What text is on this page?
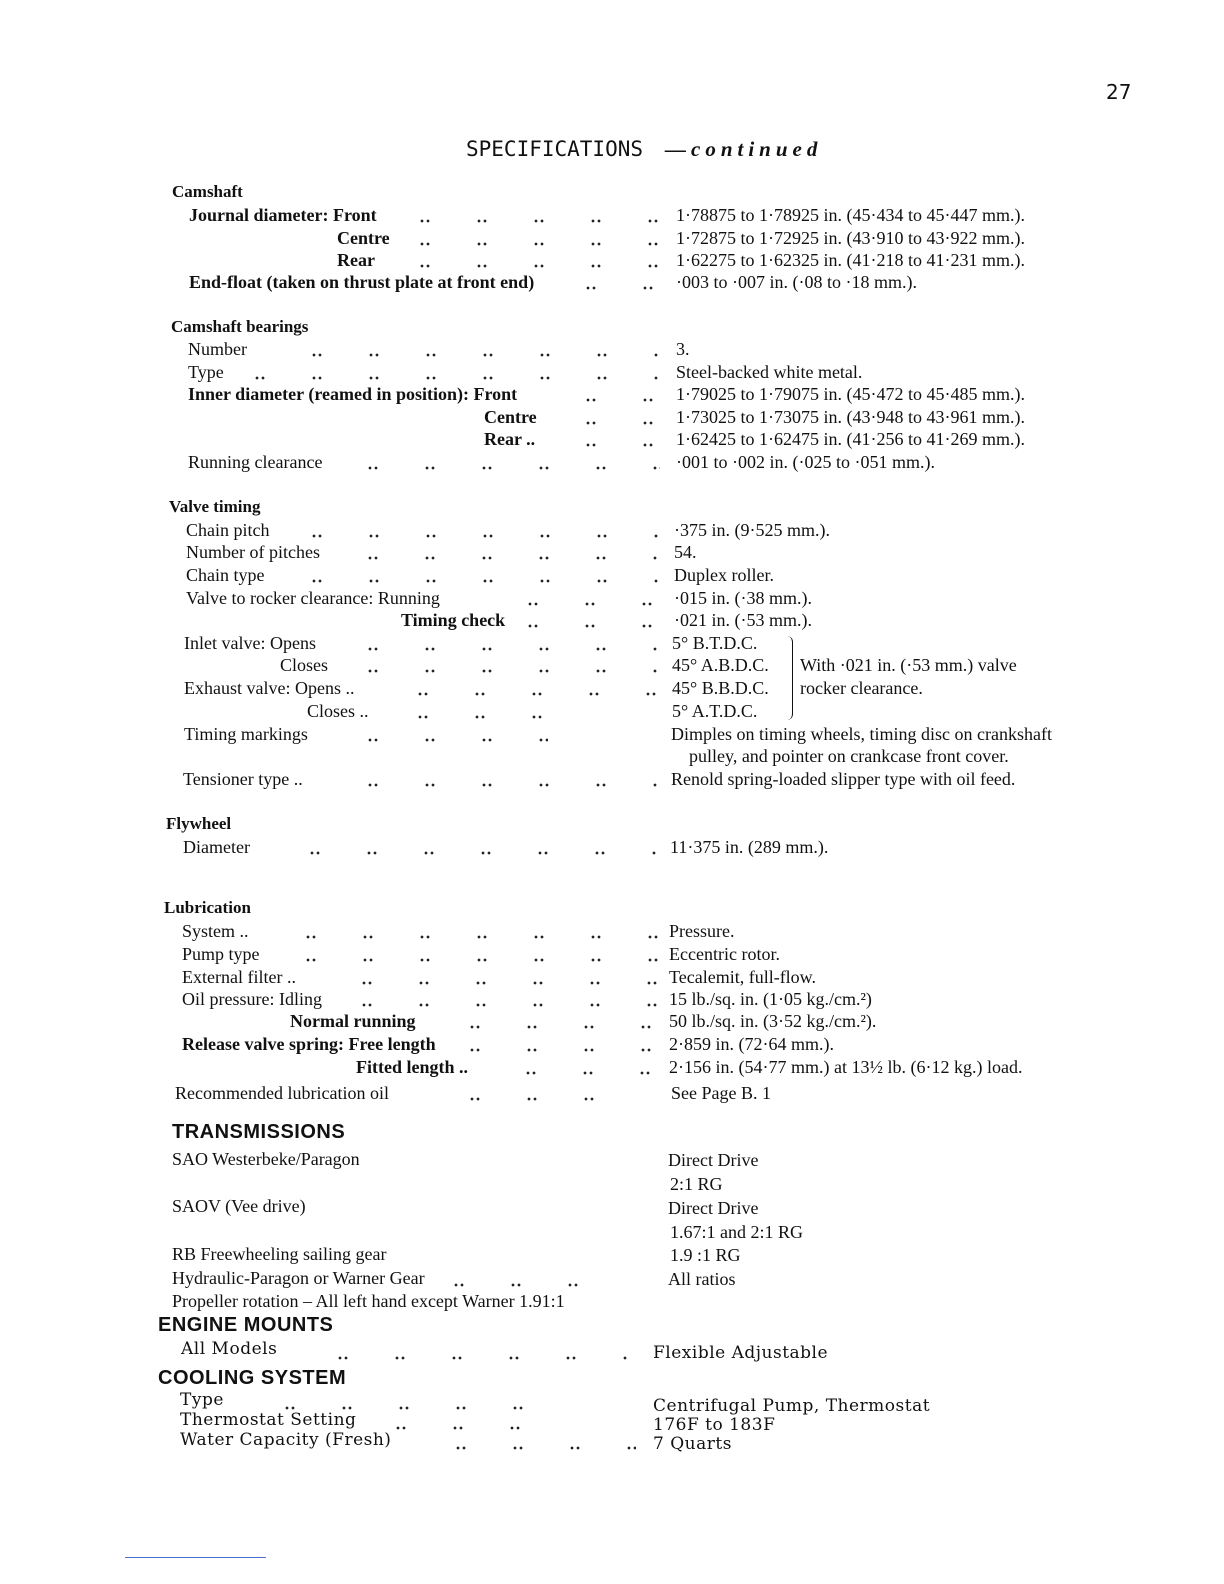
27
SPECIFICATIONS —continued
Camshaft
Journal diameter: Front
Centre
Rear
End-float (taken on thrust plate at front end)
1·78875 to 1·78925 in. (45·434 to 45·447 mm.).
1·72875 to 1·72925 in. (43·910 to 43·922 mm.).
1·62275 to 1·62325 in. (41·218 to 41·231 mm.).
·003 to ·007 in. (·08 to ·18 mm.).
Camshaft bearings
Number
Type
Inner diameter (reamed in position): Front
Centre
Rear ..
Running clearance
3.
Steel-backed white metal.
1·79025 to 1·79075 in. (45·472 to 45·485 mm.).
1·73025 to 1·73075 in. (43·948 to 43·961 mm.).
1·62425 to 1·62475 in. (41·256 to 41·269 mm.).
·001 to ·002 in. (·025 to ·051 mm.).
Valve timing
Chain pitch
Number of pitches
Chain type
Valve to rocker clearance: Running
Timing check
Inlet valve: Opens
Closes
Exhaust valve: Opens ..
Closes ..
Timing markings
Tensioner type ..
·375 in. (9·525 mm.).
54.
Duplex roller.
·015 in. (·38 mm.).
·021 in. (·53 mm.).
5° B.T.D.C.
45° A.B.D.C.
45° B.B.D.C.
5° A.T.D.C.
With ·021 in. (·53 mm.) valve
rocker clearance.
Dimples on timing wheels, timing disc on crankshaft
pulley, and pointer on crankcase front cover.
Renold spring-loaded slipper type with oil feed.
Flywheel
Diameter	11·375 in. (289 mm.).
Lubrication
System ..
Pump type
External filter ..
Oil pressure: Idling
Normal running
Release valve spring: Free length
Fitted length ..
Recommended lubrication oil
Pressure.
Eccentric rotor.
Tecalemit, full-flow.
15 lb./sq. in. (1·05 kg./cm.²)
50 lb./sq. in. (3·52 kg./cm.²).
2·859 in. (72·64 mm.).
2·156 in. (54·77 mm.) at 13½ lb. (6·12 kg.) load.
See Page B. 1
TRANSMISSIONS
SAO Westerbeke/Paragon
SAOV (Vee drive)
RB Freewheeling sailing gear
Hydraulic-Paragon or Warner Gear
Propeller rotation – All left hand except Warner 1.91:1
Direct Drive
2:1 RG
Direct Drive
1.67:1 and 2:1 RG
1.9 :1 RG
All ratios
ENGINE MOUNTS
All Models	Flexible Adjustable
COOLING SYSTEM
Type
Thermostat Setting
Water Capacity (Fresh)
Centrifugal Pump, Thermostat
176F to 183F
7 Quarts
